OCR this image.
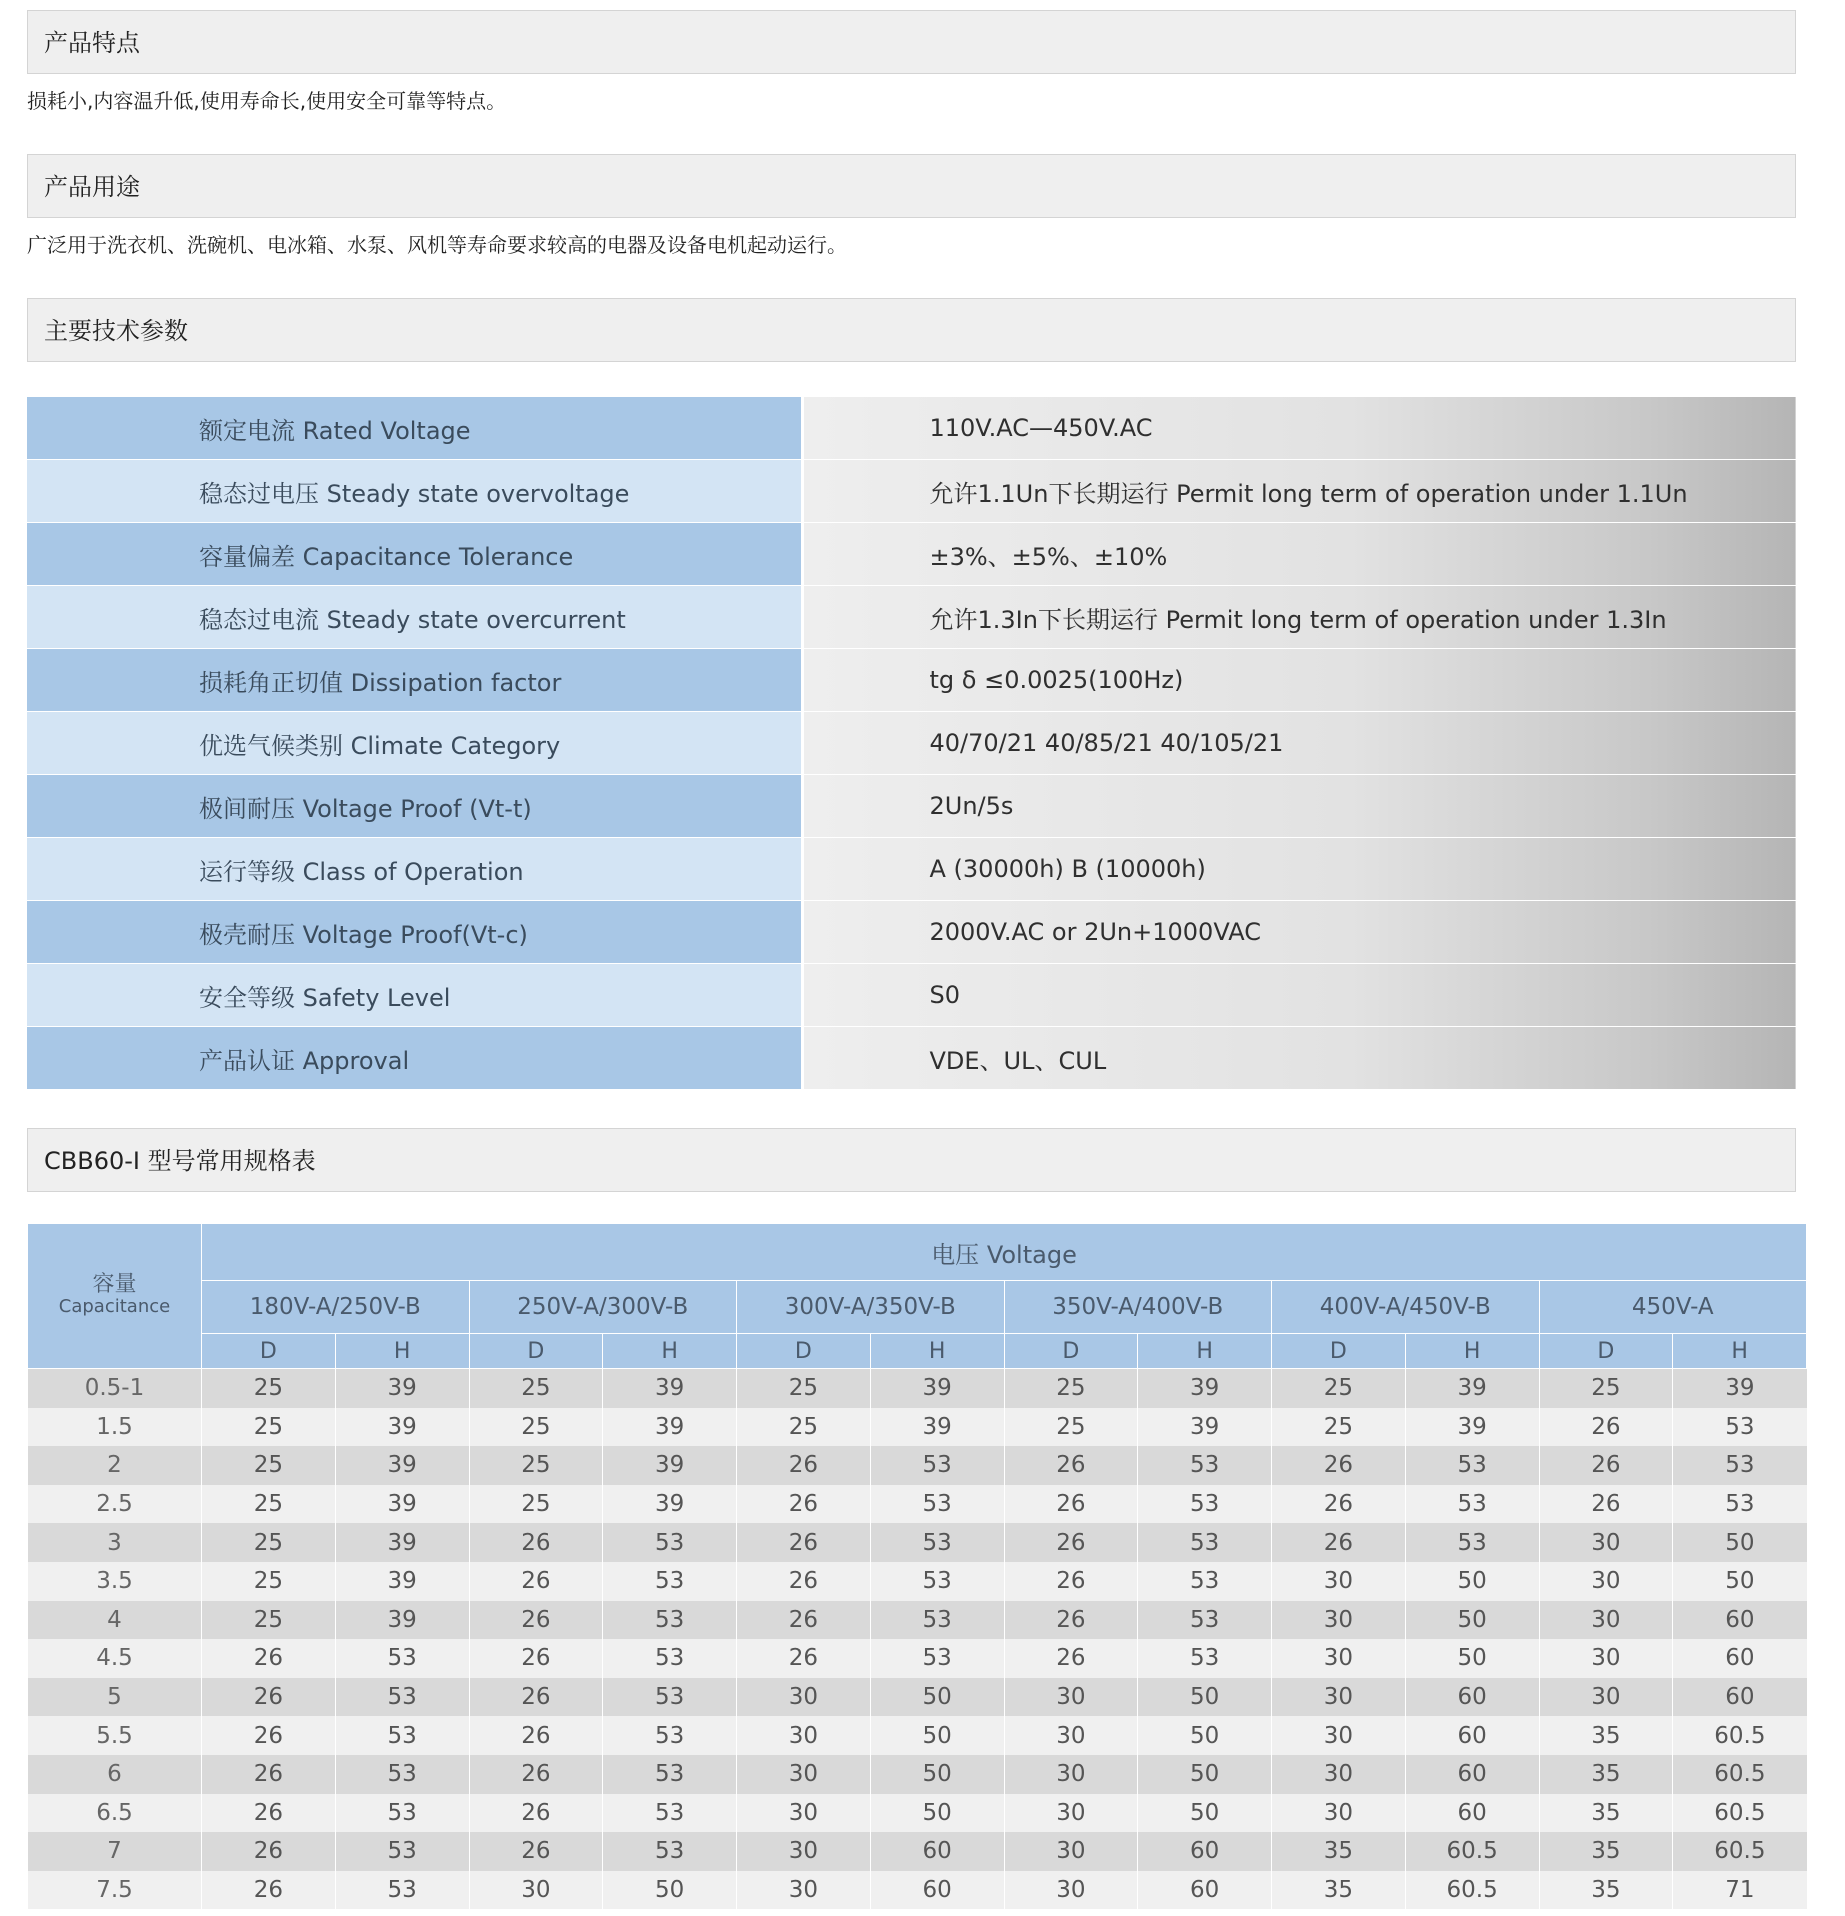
产品特点
损耗小,内容温升低,使用寿命长,使用安全可靠等特点。
产品用途
广泛用于洗衣机、洗碗机、电冰箱、水泵、风机等寿命要求较高的电器及设备电机起动运行。
主要技术参数
额定电流 Rated Voltage	110V.AC—450V.AC
稳态过电压 Steady state overvoltage	允许1.1Un下长期运行 Permit long term of operation under 1.1Un
容量偏差 Capacitance Tolerance	±3%、±5%、±10%
稳态过电流 Steady state overcurrent	允许1.3In下长期运行 Permit long term of operation under 1.3In
损耗角正切值 Dissipation factor	tg δ ≤0.0025(100Hz)
优选气候类别 Climate Category	40/70/21 40/85/21 40/105/21
极间耐压 Voltage Proof (Vt-t)	2Un/5s
运行等级 Class of Operation	A (30000h) B (10000h)
极壳耐压 Voltage Proof(Vt-c)	2000V.AC or 2Un+1000VAC
安全等级 Safety Level	S0
产品认证 Approval	VDE、UL、CUL
CBB60-I 型号常用规格表
容量
Capacitance	电压 Voltage											
	180V-A/250V-B		250V-A/300V-B		300V-A/350V-B		350V-A/400V-B		400V-A/450V-B		450V-A	
	D	H	D	H	D	H	D	H	D	H	D	H
0.5-1	25	39	25	39	25	39	25	39	25	39	25	39
1.5	25	39	25	39	25	39	25	39	25	39	26	53
2	25	39	25	39	26	53	26	53	26	53	26	53
2.5	25	39	25	39	26	53	26	53	26	53	26	53
3	25	39	26	53	26	53	26	53	26	53	30	50
3.5	25	39	26	53	26	53	26	53	30	50	30	50
4	25	39	26	53	26	53	26	53	30	50	30	60
4.5	26	53	26	53	26	53	26	53	30	50	30	60
5	26	53	26	53	30	50	30	50	30	60	30	60
5.5	26	53	26	53	30	50	30	50	30	60	35	60.5
6	26	53	26	53	30	50	30	50	30	60	35	60.5
6.5	26	53	26	53	30	50	30	50	30	60	35	60.5
7	26	53	26	53	30	60	30	60	35	60.5	35	60.5
7.5	26	53	30	50	30	60	30	60	35	60.5	35	71
